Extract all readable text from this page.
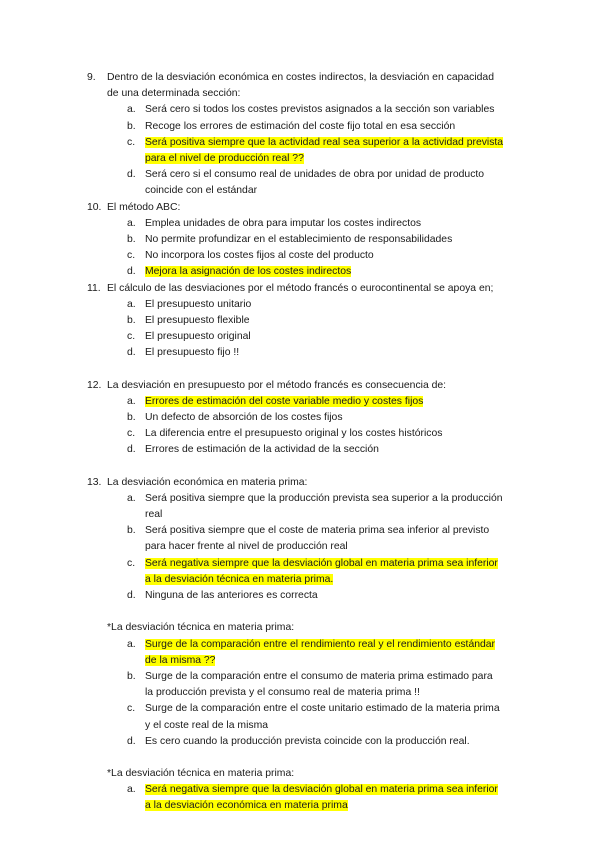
9. Dentro de la desviación económica en costes indirectos, la desviación en capacidad
de una determinada sección:
a. Será cero si todos los costes previstos asignados a la sección son variables
b. Recoge los errores de estimación del coste fijo total en esa sección
c. Será positiva siempre que la actividad real sea superior a la actividad prevista
para el nivel de producción real ??
d. Será cero si el consumo real de unidades de obra por unidad de producto
coincide con el estándar
10. El método ABC:
a. Emplea unidades de obra para imputar los costes indirectos
b. No permite profundizar en el establecimiento de responsabilidades
c. No incorpora los costes fijos al coste del producto
d. Mejora la asignación de los costes indirectos
11. El cálculo de las desviaciones por el método francés o eurocontinental se apoya en;
a. El presupuesto unitario
b. El presupuesto flexible
c. El presupuesto original
d. El presupuesto fijo !!
12. La desviación en presupuesto por el método francés es consecuencia de:
a. Errores de estimación del coste variable medio y costes fijos
b. Un defecto de absorción de los costes fijos
c. La diferencia entre el presupuesto original y los costes históricos
d. Errores de estimación de la actividad de la sección
13. La desviación económica en materia prima:
a. Será positiva siempre que la producción prevista sea superior a la producción
real
b. Será positiva siempre que el coste de materia prima sea inferior al previsto
para hacer frente al nivel de producción real
c. Será negativa siempre que la desviación global en materia prima sea inferior
a la desviación técnica en materia prima.
d. Ninguna de las anteriores es correcta
*La desviación técnica en materia prima:
a. Surge de la comparación entre el rendimiento real y el rendimiento estándar
de la misma ??
b. Surge de la comparación entre el consumo de materia prima estimado para
la producción prevista y el consumo real de materia prima !!
c. Surge de la comparación entre el coste unitario estimado de la materia prima
y el coste real de la misma
d. Es cero cuando la producción prevista coincide con la producción real.
*La desviación técnica en materia prima:
a. Será negativa siempre que la desviación global en materia prima sea inferior
a la desviación económica en materia prima
